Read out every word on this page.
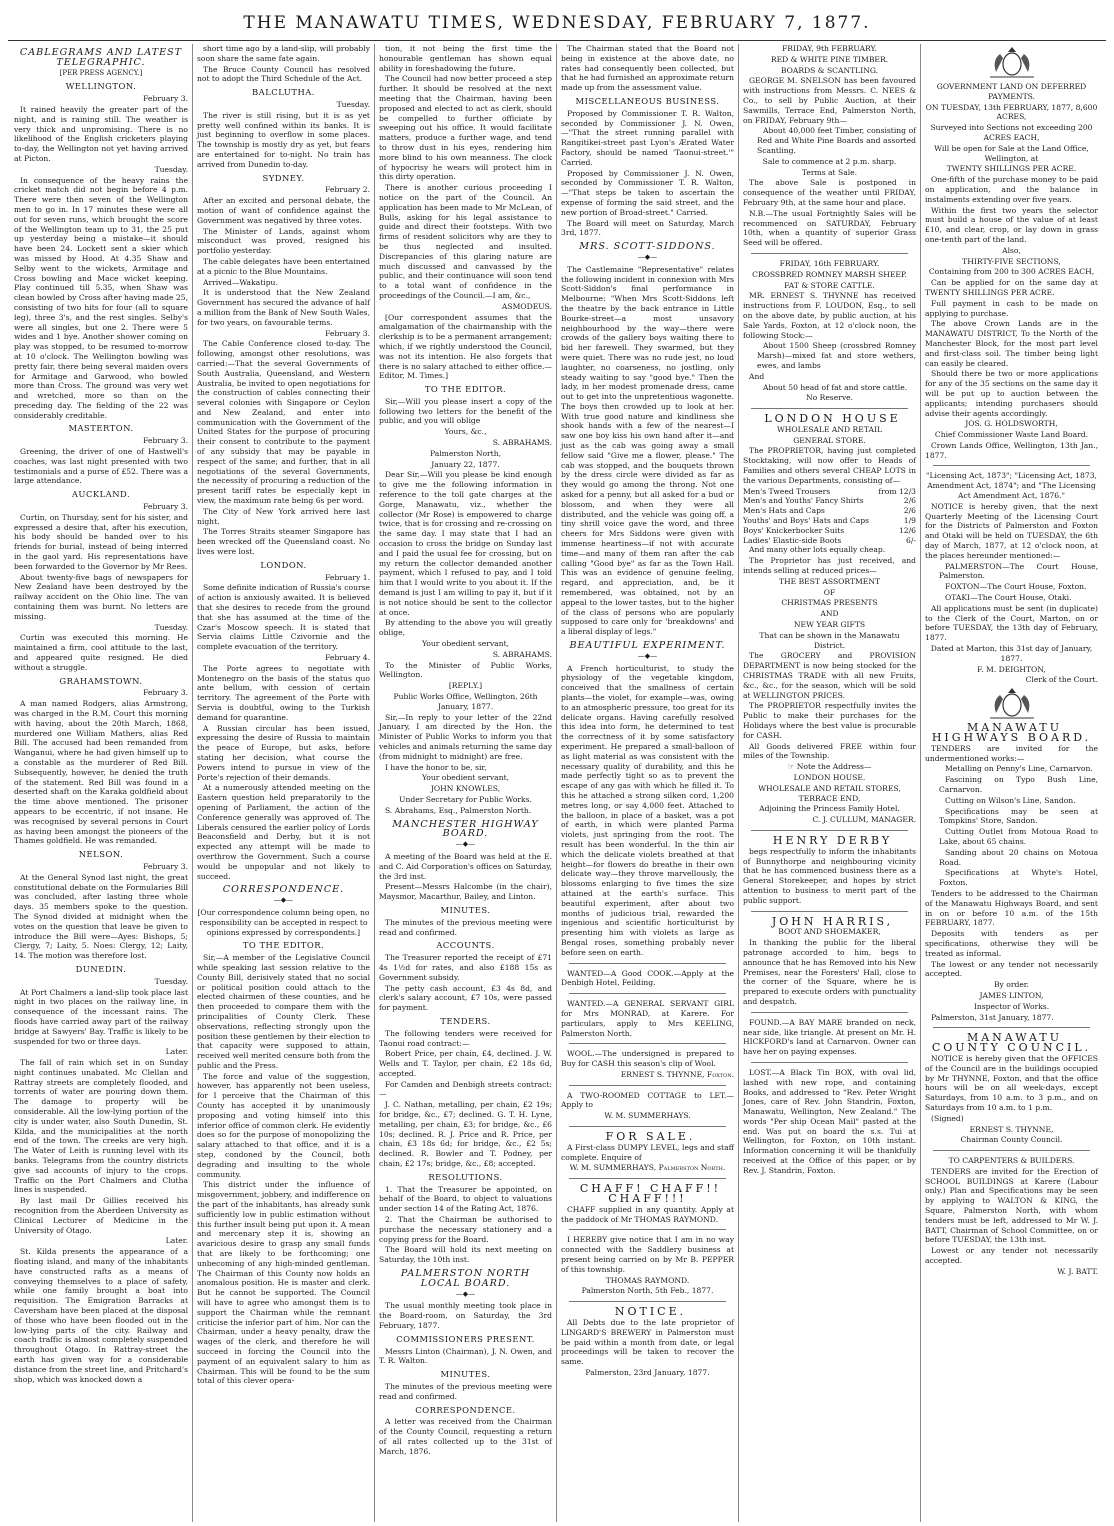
THE MANAWATU TIMES, WEDNESDAY, FEBRUARY 7, 1877.
CABLEGRAMS AND LATEST TELEGRAPHIC.
[PER PRESS AGENCY.]
WELLINGTON.

February 3.

It rained heavily the greater part of the night, and is raining still. The weather is very thick and unpromising. There is no likelihood of the English cricketers playing to-day, the Wellington not yet having arrived at Picton.

Tuesday.

In consequence of the heavy rains the cricket match did not begin before 4 p.m. There were then seven of the Wellington men to go in. In 17 minutes these were all out for seven runs, which brought the score of the Wellington team up to 31, the 25 put up yesterday being a mistake—it should have been 24. Lockett sent a skier which was missed by Hood. At 4.35 Shaw and Selby went to the wickets, Armitage and Cross bowling and Mace wicket keeping. Play continued till 5.35, when Shaw was clean bowled by Cross after having made 25, consisting of two hits for four (all to square leg), three 3's, and the rest singles. Selby's were all singles, but one 2. There were 5 wides and 1 bye. Another shower coming on play was stopped, to be resumed to-morrow at 10 o'clock. The Wellington bowling was pretty fair, there being several maiden overs for Armitage and Garwood, who bowled more than Cross. The ground was very wet and wretched, more so than on the preceding day. The fielding of the 22 was considerably creditable.

MASTERTON.

February 3.

Greening, the driver of one of Hastwell's coaches, was last night presented with two testimonials and a purse of £52. There was a large attendance.

AUCKLAND.

February 3.

Curtin, on Thursday, sent for his sister, and expressed a desire that, after his execution, his body should be handed over to his friends for burial, instead of being interred in the gaol yard. His representations have been forwarded to the Governor by Mr Rees.

About twenty-five bags of newspapers for New Zealand have been destroyed by the railway accident on the Ohio line. The van containing them was burnt. No letters are missing.

Tuesday.

Curtin was executed this morning. He maintained a firm, cool attitude to the last, and appeared quite resigned. He died without a struggle.

GRAHAMSTOWN.

February 3.

A man named Rodgers, alias Armstrong, was charged in the R.M. Court this morning with having, about the 20th March, 1868, murdered one William Mathers, alias Red Bill. The accused had been remanded from Wanganui, where he had given himself up to a constable as the murderer of Red Bill. Subsequently, however, he denied the truth of the statement. Red Bill was found in a deserted shaft on the Karaka goldfield about the time above mentioned. The prisoner appears to be eccentric, if not insane. He was recognised by several persons in Court as having been amongst the pioneers of the Thames goldfield. He was remanded.

NELSON.

February 3.

At the General Synod last night, the great constitutional debate on the Formularies Bill was concluded, after lasting three whole days. 35 members spoke to the question. The Synod divided at midnight when the votes on the question that leave be given to introduce the Bill were—Ayes: Bishops, 5; Clergy, 7; Laity, 5. Noes: Clergy, 12; Laity, 14. The motion was therefore lost.

DUNEDIN.

Tuesday.

At Port Chalmers a land-slip took place last night in two places on the railway line, in consequence of the incessant rains. The floods have carried away part of the railway bridge at Sawyers' Bay. Traffic is likely to be suspended for two or three days.

Later.

The fall of rain which set in on Sunday night continues unabated. Mc Clellan and Rattray streets are completely flooded, and torrents of water are pouring down them. The damage to property will be considerable. All the low-lying portion of the city is under water, also South Dunedin, St. Kilda, and the municipalities at the north end of the town. The creeks are very high. The Water of Leith is running level with its banks. Telegrams from the country districts give sad accounts of injury to the crops. Traffic on the Port Chalmers and Clutha lines is suspended.

By last mail Dr Gillies received his recognition from the Aberdeen University as Clinical Lecturer of Medicine in the University of Otago.

Later.

St. Kilda presents the appearance of a floating island, and many of the inhabitants have constructed rafts as a means of conveying themselves to a place of safety, while one family brought a boat into requisition. The Emigration Barracks at Caversham have been placed at the disposal of those who have been flooded out in the low-lying parts of the city. Railway and coach traffic is almost completely suspended throughout Otago. In Rattray-street the earth has given way for a considerable distance from the street line, and Pritchard's shop, which was knocked down a

short time ago by a land-slip, will probably soon share the same fate again.

The Bruce County Council has resolved not to adopt the Third Schedule of the Act.

BALCLUTHA.

Tuesday.

The river is still rising, but it is as yet pretty well confined within its banks. It is just beginning to overflow in some places. The township is mostly dry as yet, but fears are entertained for to-night. No train has arrived from Dunedin to-day.

SYDNEY.

February 2.

After an excited and personal debate, the motion of want of confidence against the Government was negatived by three votes.

The Minister of Lands, against whom misconduct was proved, resigned his portfolio yesterday.

The cable delegates have been entertained at a picnic to the Blue Mountains.

Arrived—Wakatipu.

It is understood that the New Zealand Government has secured the advance of half a million from the Bank of New South Wales, for two years, on favourable terms.

February 3.

The Cable Conference closed to-day. The following, amongst other resolutions, was carried:—That the several Governments of South Australia, Queensland, and Western Australia, be invited to open negotiations for the construction of cables connecting their several colonies with Singapore or Ceylon and New Zealand, and enter into communication with the Government of the United States for the purpose of procuring their consent to contribute to the payment of any subsidy that may be payable in respect of the same; and further, that in all negotiations of the several Governments, the necessity of procuring a reduction of the present tariff rates be especially kept in view, the maximum rate being 6s per word.

The City of New York arrived here last night.

The Torres Straits steamer Singapore has been wrecked off the Queensland coast. No lives were lost.

LONDON.

February 1.

Some definite indication of Russia's course of action is anxiously awaited. It is believed that she desires to recede from the ground that she has assumed at the time of the Czar's Moscow speech. It is stated that Servia claims Little Czivornie and the complete evacuation of the territory.

February 4.

The Porte agrees to negotiate with Montenegro on the basis of the status quo ante bellum, with cession of certain territory. The agreement of the Porte with Servia is doubtful, owing to the Turkish demand for quarantine.

A Russian circular has been issued, expressing the desire of Russia to maintain the peace of Europe, but asks, before stating her decision, what course the Powers intend to pursue in view of the Porte's rejection of their demands.

At a numerously attended meeting on the Eastern question held preparatorily to the opening of Parliament, the action of the Conference generally was approved of. The Liberals censured the earlier policy of Lords Beaconsfield and Derby, but it is not expected any attempt will be made to overthrow the Government. Such a course would be unpopular and not likely to succeed.

CORRESPONDENCE.
—◆—

[Our correspondence column being open, no responsibility can be accepted in respect to opinions expressed by correspondents.]

TO THE EDITOR.

Sir,—A member of the Legislative Council while speaking last session relative to the County Bill, derisively stated that no social or political position could attach to the elected chairmen of these counties, and he then proceeded to compare them with the principalities of County Clerk. These observations, reflecting strongly upon the position these gentlemen by their election to that capacity were supposed to attain, received well merited censure both from the public and the Press.

The force and value of the suggestion, however, has apparently not been useless, for I perceive that the Chairman of this County has accepted it by unanimously proposing and voting himself into this inferior office of common clerk. He evidently does so for the purpose of monopolizing the salary attached to that office, and it is a step, condoned by the Council, both degrading and insulting to the whole community.

This district under the influence of misgovernment, jobbery, and indifference on the part of the inhabitants, has already sunk sufficiently low in public estimation without this further insult being put upon it. A mean and mercenary step it is, showing an avaricious desire to grasp any small funds that are likely to be forthcoming; one unbecoming of any high-minded gentleman. The Chairman of this County now holds an anomalous position. He is master and clerk. But he cannot be supported. The Council will have to agree who amongst them is to support the Chairman while the remnant criticise the inferior part of him. Nor can the Chairman, under a heavy penalty, draw the wages of the clerk, and therefore he will succeed in forcing the Council into the payment of an equivalent salary to him as Chairman. This will be found to be the sum total of this clever opera-

tion, it not being the first time the honourable gentleman has shown equal ability in foreshadowing the future.

The Council had now better proceed a step further. It should be resolved at the next meeting that the Chairman, having been proposed and elected to act as clerk, should be compelled to further officiate by sweeping out his office. It would facilitate matters, produce a further wage, and tend to throw dust in his eyes, rendering him more blind to his own meanness. The clock of hypocrisy he wears will protect him in this dirty operation.

There is another curious proceeding I notice on the part of the Council. An application has been made to Mr McLean, of Bulls, asking for his legal assistance to guide and direct their footsteps. With two firms of resident solicitors why are they to be thus neglected and insulted. Discrepancies of this glaring nature are much discussed and canvassed by the public, and their continuance will soon tend to a total want of confidence in the proceedings of the Council.—I am, &c.,

ASMODEUS.

[Our correspondent assumes that the amalgamation of the chairmanship with the clerkship is to be a permanent arrangement; which, if we rightly understood the Council, was not its intention. He also forgets that there is no salary attached to either office.—Editor, M. Times.]

TO THE EDITOR.

Sir,—Will you please insert a copy of the following two letters for the benefit of the public, and you will oblige

Yours, &c.,

S. ABRAHAMS.

Palmerston North,

January 22, 1877.

Dear Sir,—Will you please be kind enough to give me the following information in reference to the toll gate charges at the Gorge, Manawatu, viz., whether the collector (Mr Rose) is empowered to charge twice, that is for crossing and re-crossing on the same day. I may state that I had an occasion to cross the bridge on Sunday last and I paid the usual fee for crossing, but on my return the collector demanded another payment, which I refused to pay, and I told him that I would write to you about it. If the demand is just I am willing to pay it, but if it is not notice should be sent to the collector at once.

By attending to the above you will greatly oblige,

Your obedient servant,

S. ABRAHAMS.

To the Minister of Public Works, Wellington.

[REPLY.]

Public Works Office, Wellington, 26th January, 1877.

Sir,—In reply to your letter of the 22nd January, I am directed by the Hon. the Minister of Public Works to inform you that vehicles and animals returning the same day (from midnight to midnight) are free.

I have the honor to be, sir,

Your obedient servant,

JOHN KNOWLES,

Under Secretary for Public Works.

S. Abrahams, Esq., Palmerston North.

MANCHESTER HIGHWAY BOARD.
—◆—

A meeting of the Board was held at the E. and C. Aid Corporation's offices on Saturday, the 3rd inst.

Present—Messrs Halcombe (in the chair), Maysmor, Macarthur, Bailey, and Linton.

MINUTES.

The minutes of the previous meeting were read and confirmed.

ACCOUNTS.

The Treasurer reported the receipt of £71 4s 1½d for rates, and also £188 15s as Government subsidy.

The petty cash account, £3 4s 8d, and clerk's salary account, £7 10s, were passed for payment.

TENDERS.

The following tenders were received for Taonui road contract:—

Robert Price, per chain, £4, declined. J. W. Wells and T. Taylor, per chain, £2 18s 6d, accepted.

For Camden and Denbigh streets contract:—

J. C. Nathan, metalling, per chain, £2 19s; for bridge, &c., £7; declined. G. T. H. Lyne, metalling, per chain, £3; for bridge, &c., £6 10s; declined. R. J. Price and R. Price, per chain, £3 18s 6d; for bridge, &c., £2 5s; declined. R. Bowler and T. Podney, per chain, £2 17s; bridge, &c., £8; accepted.

RESOLUTIONS.

1. That the Treasurer be appointed, on behalf of the Board, to object to valuations under section 14 of the Rating Act, 1876.

2. That the Chairman be authorised to purchase the necessary stationery and a copying press for the Board.

The Board will hold its next meeting on Saturday, the 10th inst.

PALMERSTON NORTH LOCAL BOARD.
—◆—

The usual monthly meeting took place in the Board-room, on Saturday, the 3rd February, 1877.

COMMISSIONERS PRESENT.

Messrs Linton (Chairman), J. N. Owen, and T. R. Walton.

MINUTES.

The minutes of the previous meeting were read and confirmed.

CORRESPONDENCE.

A letter was received from the Chairman of the County Council, requesting a return of all rates collected up to the 31st of March, 1876.

The Chairman stated that the Board not being in existence at the above date, no rates had consequently been collected, but that he had furnished an approximate return made up from the assessment value.

MISCELLANEOUS BUSINESS.

Proposed by Commissioner T. R. Walton, seconded by Commissioner J. N. Owen,—"That the street running parallel with Rangitikei-street past Lyon's Ærated Water Factory, should be named 'Taonui-street.'" Carried.

Proposed by Commissioner J. N. Owen, seconded by Commissioner T. R. Walton,—"That steps be taken to ascertain the expense of forming the said street, and the new portion of Broad-street." Carried.

The Board will meet on Saturday, March 3rd, 1877.

MRS. SCOTT-SIDDONS.
—◆—

The Castlemaine "Representative" relates the following incident in connexion with Mrs Scott-Siddon's final performance in Melbourne: "When Mrs Scott-Siddons left the theatre by the back entrance in Little Bourke-street—a most unsavory neighbourhood by the way—there were crowds of the gallery boys waiting there to bid her farewell. They swarmed, but they were quiet. There was no rude jest, no loud laughter, no coarseness, no jostling, only steady waiting to say "good bye." Then the lady, in her modest promenade dress, came out to get into the unpretentious wagonette. The boys then crowded up to look at her. With true good nature and kindliness she shook hands with a few of the nearest—I saw one boy kiss his own hand after it—and just as the cab was going away a small fellow said "Give me a flower, please." The cab was stopped, and the bouquets thrown by the dress circle were divided as far as they would go among the throng. Not one asked for a penny, but all asked for a bud or blossom, and when they were all distributed, and the vehicle was going off, a tiny shrill voice gave the word, and three cheers for Mrs Siddons were given with immense heartiness—if not with accurate time—and many of them ran after the cab calling "Good bye" as far as the Town Hall. This was an evidence of genuine feeling, regard, and appreciation, and, be it remembered, was obtained, not by an appeal to the lower tastes, but to the higher of the class of persons who are popularly supposed to care only for 'breakdowns' and a liberal display of legs."

BEAUTIFUL EXPERIMENT.
—◆—

A French horticulturist, to study the physiology of the vegetable kingdom, conceived that the smallness of certain plants—the violet, for example—was, owing to an atmospheric pressure, too great for its delicate organs. Having carefully resolved this idea into form, he determined to test the correctness of it by some satisfactory experiment. He prepared a small-balloon of as light material as was consistent with the necessary quality of durability, and this he made perfectly tight so as to prevent the escape of any gas with which he filled it. To this he attached a strong silken cord, 1,200 metres long, or say 4,000 feet. Attached to the balloon, in place of a basket, was a pot of earth, in which were planted Parma violets, just springing from the root. The result has been wonderful. In the thin air which the delicate violets breathed at that height—for flowers do breathe in their own delicate way—they throve marvellously, the blossoms enlarging to five times the size attained at the earth's surface. This beautiful experiment, after about two months of judicious trial, rewarded the ingenious and scientific horticulturist by presenting him with violets as large as Bengal roses, something probably never before seen on earth.

WANTED—A Good COOK.—Apply at the Denbigh Hotel, Feilding.

WANTED.—A GENERAL SERVANT GIRL for Mrs MONRAD, at Karere. For particulars, apply to Mrs KEELING, Palmerston North.

WOOL.—The undersigned is prepared to Buy for CASH this season's clip of Wool.

ERNEST S. THYNNE, Foxton.

A TWO-ROOMED COTTAGE to LET.—Apply to

W. M. SUMMERHAYS.

FOR SALE.

A First-class DUMPY LEVEL, legs and staff complete. Enquire of

W. M. SUMMERHAYS, Palmerston North.

CHAFF! CHAFF!! CHAFF!!!

CHAFF supplied in any quantity. Apply at the paddock of Mr THOMAS RAYMOND.

I HEREBY give notice that I am in no way connected with the Saddlery business at present being carried on by Mr B. PEPPER of this township.

THOMAS RAYMOND.

Palmerston North, 5th Feb., 1877.

NOTICE.

All Debts due to the late proprietor of LINGARD'S BREWERY in Palmerston must be paid within a month from date, or legal proceedings will be taken to recover the same.

Palmerston, 23rd January, 1877.

FRIDAY, 9th FEBRUARY.

RED & WHITE PINE TIMBER.

BOARDS & SCANTLING.

GEORGE M. SNELSON has been favoured with instructions from Messrs. C. NEES & Co., to sell by Public Auction, at their Sawmills, Terrace End, Palmerston North, on FRIDAY, February 9th—

About 40,000 feet Timber, consisting of Red and White Pine Boards and assorted Scantling.

Sale to commence at 2 p.m. sharp.

Terms at Sale.

The above Sale is postponed in consequence of the weather until FRIDAY, February 9th, at the same hour and place.

N.B.—The usual Fortnightly Sales will be recommenced on SATURDAY, February 10th, when a quantity of superior Grass Seed will be offered.

FRIDAY, 16th FEBRUARY.

CROSSBRED ROMNEY MARSH SHEEP.

FAT & STORE CATTLE.

MR. ERNEST S. THYNNE has received instructions from F. LOUDON, Esq., to sell on the above date, by public auction, at his Sale Yards, Foxton, at 12 o'clock noon, the following Stock:—

About 1500 Sheep (crossbred Romney Marsh)—mixed fat and store wethers, ewes, and lambs

And

About 50 head of fat and store cattle.

No Reserve.

LONDON HOUSE

WHOLESALE AND RETAIL

GENERAL STORE.

The PROPRIETOR, having just completed Stocktaking, will now offer to Heads of Families and others several CHEAP LOTS in the various Departments, consisting of—

Men's Tweed Trousers	from 12/3
Men's and Youths' Fancy Shirts	2/6
Men's Hats and Caps	2/6
Youths' and Boys' Hats and Caps	1/9
Boys' Knickerbocker Suits	12/6
Ladies' Elastic-side Boots	6/-

And many other lots equally cheap.

The Proprietor has just received, and intends selling at reduced prices—

THE BEST ASSORTMENT

OF

CHRISTMAS PRESENTS

AND

NEW YEAR GIFTS

That can be shown in the Manawatu District.

The GROCERY and PROVISION DEPARTMENT is now being stocked for the CHRISTMAS TRADE with all new Fruits, &c., &c., for the season, which will be sold at WELLINGTON PRICES.

The PROPRIETOR respectfully invites the Public to make their purchases for the Holidays where the best value is procurable for CASH.

All Goods delivered FREE within four miles of the Township.

☞ Note the Address—

LONDON HOUSE.

WHOLESALE AND RETAIL STORES, TERRACE END,

Adjoining the Princess Family Hotel.

C. J. CULLUM, MANAGER.

HENRY DERBY

begs respectfully to inform the inhabitants of Bunnythorpe and neighbouring vicinity that he has commenced business there as a General Storekeeper, and hopes by strict attention to business to merit part of the public support.

JOHN HARRIS,

BOOT AND SHOEMAKER,

In thanking the public for the liberal patronage accorded to him, begs to announce that he has Removed into his New Premises, near the Foresters' Hall, close to the corner of the Square, where he is prepared to execute orders with punctuality and despatch.

FOUND.—A BAY MARE branded on neck, near side, like triangle. At present on Mr. H. HICKFORD's land at Carnarvon. Owner can have her on paying expenses.

LOST.—A Black Tin BOX, with oval lid, lashed with new rope, and containing Books, and addressed to "Rev. Peter Wright Jones, care of Rev. John Standrin, Foxton, Manawatu, Wellington, New Zealand." The words "Per ship Ocean Mail" pasted at the end. Was put on board the s.s. Tui at Wellington, for Foxton, on 10th instant. Information concerning it will be thankfully received at the Office of this paper, or by Rev. J. Standrin, Foxton.

GOVERNMENT LAND ON DEFERRED PAYMENTS.

ON TUESDAY, 13th FEBRUARY, 1877, 8,600 ACRES,

Surveyed into Sections not exceeding 200 ACRES EACH,

Will be open for Sale at the Land Office, Wellington, at

TWENTY SHILLINGS PER ACRE.

One-fifth of the purchase money to be paid on application, and the balance in instalments extending over five years.

Within the first two years the selector must build a house of the value of at least £10, and clear, crop, or lay down in grass one-tenth part of the land.

Also,

THIRTY-FIVE SECTIONS,

Containing from 200 to 300 ACRES EACH,

Can be applied for on the same day at TWENTY SHILLINGS PER ACRE.

Full payment in cash to be made on applying to purchase.

The above Crown Lands are in the MANAWATU DISTRICT, To the North of the Manchester Block, for the most part level and first-class soil. The timber being light can easily be cleared.

Should there be two or more applications for any of the 35 sections on the same day it will be put up to auction between the applicants; intending purchasers should advise their agents accordingly.

JOS. G. HOLDSWORTH,

Chief Commissioner Waste Land Board.

Crown Lands Office, Wellington, 13th Jan., 1877.

"Licensing Act, 1873"; "Licensing Act, 1873, Amendment Act, 1874"; and "The Licensing Act Amendment Act, 1876."

NOTICE is hereby given, that the next Quarterly Meeting of the Licensing Court for the Districts of Palmerston and Foxton and Otaki will be held on TUESDAY, the 6th day of March, 1877, at 12 o'clock noon, at the places hereunder mentioned:—

PALMERSTON—The Court House, Palmerston.

FOXTON—The Court House, Foxton.

OTAKI—The Court House, Otaki.

All applications must be sent (in duplicate) to the Clerk of the Court, Marton, on or before TUESDAY, the 13th day of February, 1877.

Dated at Marton, this 31st day of January, 1877.

F. M. DEIGHTON,

Clerk of the Court.

MANAWATU HIGHWAYS BOARD.

TENDERS are invited for the undermentioned works:—

Metalling on Penny's Line, Carnarvon.

Fascining on Typo Bush Line, Carnarvon.

Cutting on Wilson's Line, Sandon.

Specifications may be seen at Tompkins' Store, Sandon.

Cutting Outlet from Motoua Road to Lake, about 65 chains.

Sanding about 20 chains on Motoua Road.

Specifications at Whyte's Hotel, Foxton.

Tenders to be addressed to the Chairman of the Manawatu Highways Board, and sent in on or before 10 a.m. of the 15th FEBRUARY, 1877.

Deposits with tenders as per specifications, otherwise they will be treated as informal.

The lowest or any tender not necessarily accepted.

By order.

JAMES LINTON,

Inspector of Works.

Palmerston, 31st January, 1877.

MANAWATU COUNTY COUNCIL.

NOTICE is hereby given that the OFFICES of the Council are in the buildings occupied by Mr THYNNE, Foxton, and that the office hours will be on all week-days, except Saturdays, from 10 a.m. to 3 p.m., and on Saturdays from 10 a.m. to 1 p.m.

(Signed)

ERNEST S. THYNNE,

Chairman County Council.

TO CARPENTERS & BUILDERS.

TENDERS are invited for the Erection of SCHOOL BUILDINGS at Karere (Labour only.) Plan and Specifications may be seen by applying to WALTON & KING, the Square, Palmerston North, with whom tenders must be left, addressed to Mr W. J. BATT, Chairman of School Committee, on or before TUESDAY, the 13th inst.

Lowest or any tender not necessarily accepted.

W. J. BATT.
